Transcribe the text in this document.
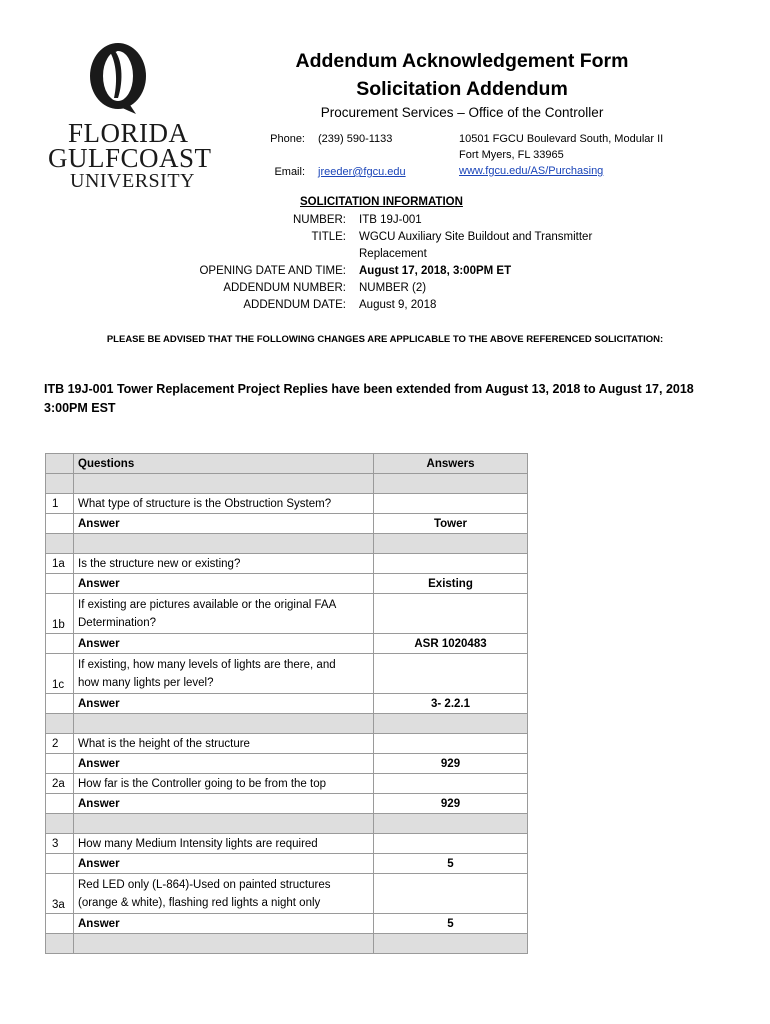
FLORIDA
GULFCOAST
UNIVERSITY
Addendum Acknowledgement Form
Solicitation Addendum
Procurement Services – Office of the Controller
Phone: (239) 590-1133
Email: jreeder@fgcu.edu
10501 FGCU Boulevard South, Modular II
Fort Myers, FL 33965
www.fgcu.edu/AS/Purchasing
SOLICITATION INFORMATION
NUMBER: ITB 19J-001
TITLE: WGCU Auxiliary Site Buildout and Transmitter
Replacement
OPENING DATE AND TIME: August 17, 2018, 3:00PM ET
ADDENDUM NUMBER: NUMBER (2)
ADDENDUM DATE: August 9, 2018
PLEASE BE ADVISED THAT THE FOLLOWING CHANGES ARE APPLICABLE TO THE ABOVE REFERENCED SOLICITATION:
ITB 19J-001 Tower Replacement Project Replies have been extended from August 13, 2018 to August 17, 2018 3:00PM EST
	Questions	Answers

1	What type of structure is the Obstruction System?	
	Answer	Tower

1a	Is the structure new or existing?	
	Answer	Existing
1b	If existing are pictures available or the original FAA
Determination?	
	Answer	ASR 1020483
1c	If existing, how many levels of lights are there, and
how many lights per level?	
	Answer	3- 2.2.1

2	What is the height of the structure	
	Answer	929
2a	How far is the Controller going to be from the top	
	Answer	929

3	How many Medium Intensity lights are required	
	Answer	5
3a	Red LED only (L-864)-Used on painted structures
(orange & white), flashing red lights a night only	
	Answer	5
